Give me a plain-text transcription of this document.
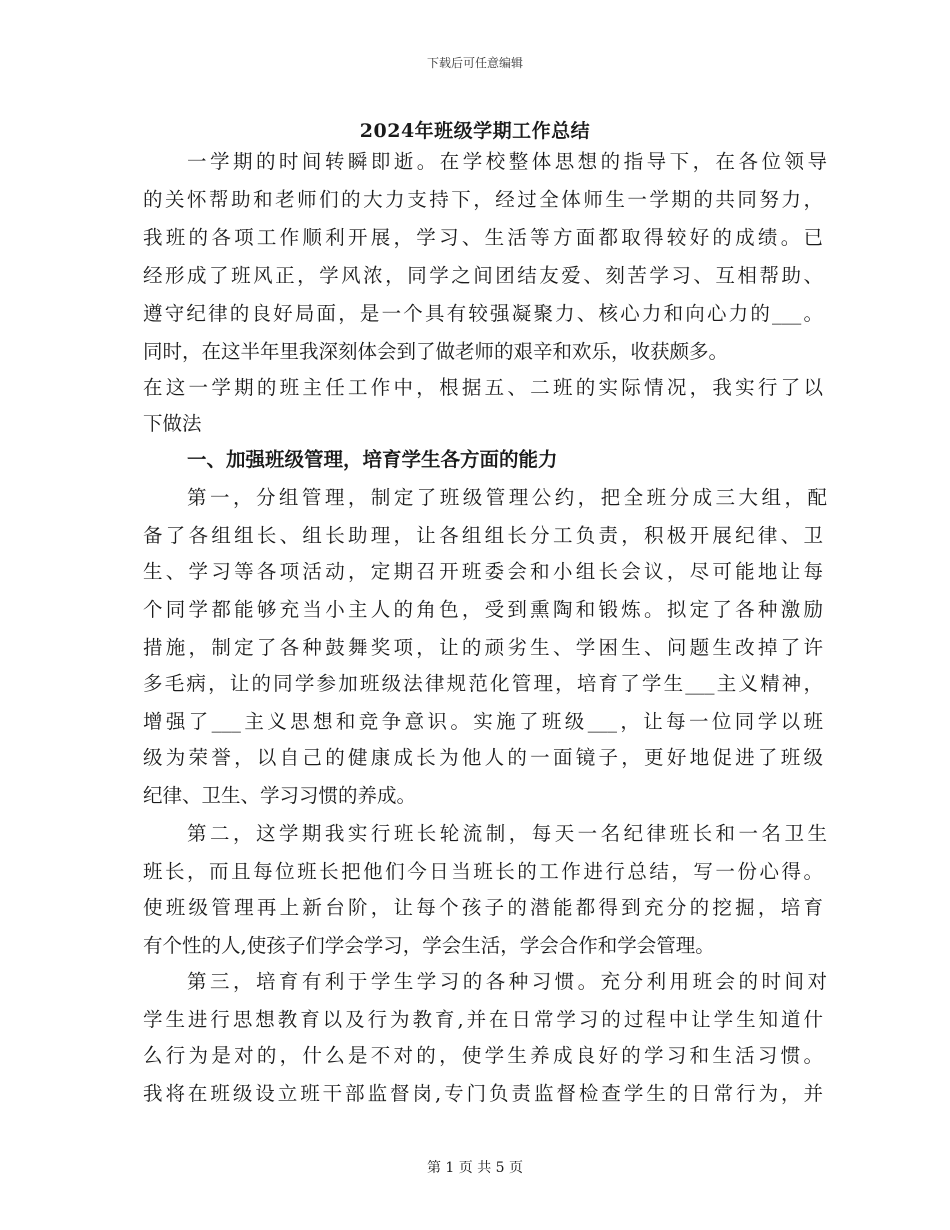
下载后可任意编辑
2024年班级学期工作总结
一学期的时间转瞬即逝。在学校整体思想的指导下，在各位领导
的关怀帮助和老师们的大力支持下，经过全体师生一学期的共同努力，
我班的各项工作顺利开展，学习、生活等方面都取得较好的成绩。已
经形成了班风正，学风浓，同学之间团结友爱、刻苦学习、互相帮助、
遵守纪律的良好局面，是一个具有较强凝聚力、核心力和向心力的___。
同时，在这半年里我深刻体会到了做老师的艰辛和欢乐，收获颇多。
在这一学期的班主任工作中，根据五、二班的实际情况，我实行了以
下做法
一、加强班级管理，培育学生各方面的能力
第一，分组管理，制定了班级管理公约，把全班分成三大组，配
备了各组组长、组长助理，让各组组长分工负责，积极开展纪律、卫
生、学习等各项活动，定期召开班委会和小组长会议，尽可能地让每
个同学都能够充当小主人的角色，受到熏陶和锻炼。拟定了各种激励
措施，制定了各种鼓舞奖项，让的顽劣生、学困生、问题生改掉了许
多毛病，让的同学参加班级法律规范化管理，培育了学生___主义精神，
增强了___主义思想和竞争意识。实施了班级___，让每一位同学以班
级为荣誉，以自己的健康成长为他人的一面镜子，更好地促进了班级
纪律、卫生、学习习惯的养成。
第二，这学期我实行班长轮流制，每天一名纪律班长和一名卫生
班长，而且每位班长把他们今日当班长的工作进行总结，写一份心得。
使班级管理再上新台阶，让每个孩子的潜能都得到充分的挖掘，培育
有个性的人,使孩子们学会学习，学会生活，学会合作和学会管理。
第三，培育有利于学生学习的各种习惯。充分利用班会的时间对
学生进行思想教育以及行为教育,并在日常学习的过程中让学生知道什
么行为是对的，什么是不对的，使学生养成良好的学习和生活习惯。
我将在班级设立班干部监督岗,专门负责监督检查学生的日常行为，并
第 1 页 共 5 页
